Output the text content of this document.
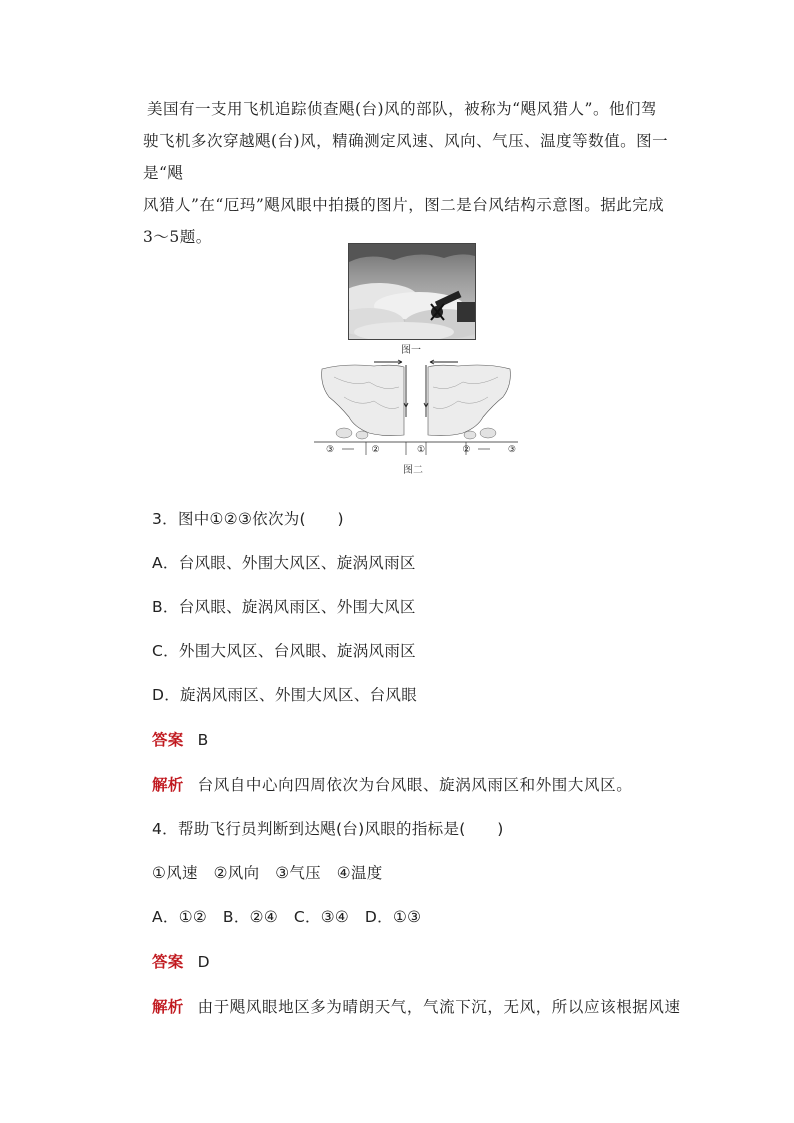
美国有一支用飞机追踪侦查飓(台)风的部队，被称为“飓风猎人”。他们驾
驶飞机多次穿越飓(台)风，精确测定风速、风向、气压、温度等数值。图一是“飓
风猎人”在“厄玛”飓风眼中拍摄的图片，图二是台风结构示意图。据此完成
3～5题。
图一
③	②	①	②	③
图二
3．图中①②③依次为(　　)
A．台风眼、外围大风区、旋涡风雨区
B．台风眼、旋涡风雨区、外围大风区
C．外围大风区、台风眼、旋涡风雨区
D．旋涡风雨区、外围大风区、台风眼
答案 B
解析 台风自中心向四周依次为台风眼、旋涡风雨区和外围大风区。
4．帮助飞行员判断到达飓(台)风眼的指标是(　　)
①风速　②风向　③气压　④温度
A．①②　B．②④　C．③④　D．①③
答案 D
解析 由于飓风眼地区多为晴朗天气，气流下沉，无风，所以应该根据风速
